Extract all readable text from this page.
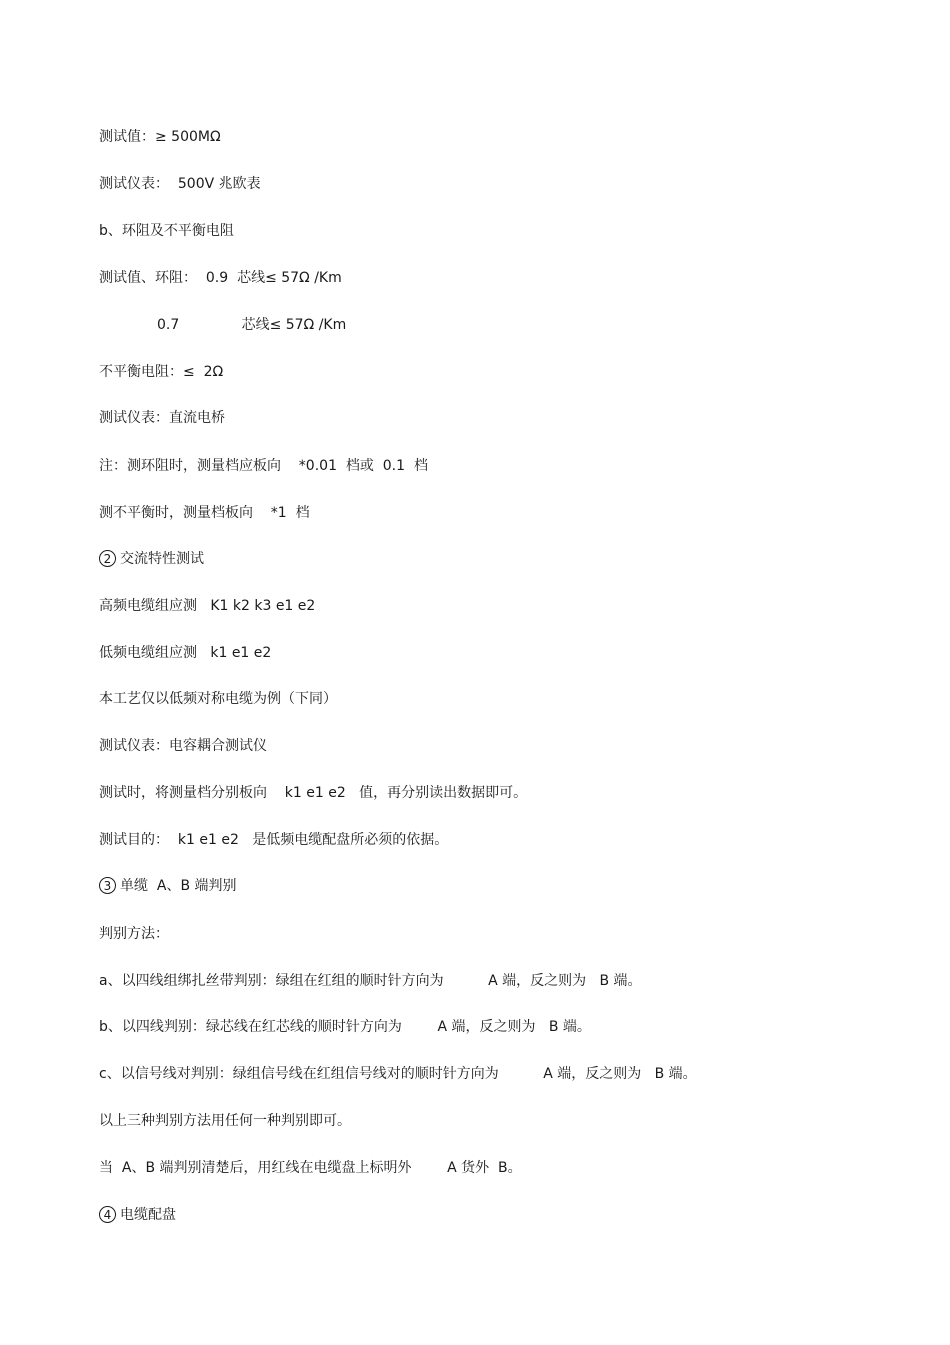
测试值：≥ 500MΩ
测试仪表：  500V 兆欧表
b、环阻及不平衡电阻
测试值、环阻：  0.9  芯线≤ 57Ω /Km
0.7              芯线≤ 57Ω /Km
不平衡电阻：≤  2Ω
测试仪表：直流电桥
注：测环阻时，测量档应板向    *0.01  档或  0.1  档
测不平衡时，测量档板向    *1  档
2 交流特性测试
高频电缆组应测   K1 k2 k3 e1 e2
低频电缆组应测   k1 e1 e2
本工艺仅以低频对称电缆为例（下同）
测试仪表：电容耦合测试仪
测试时，将测量档分别板向    k1 e1 e2   值，再分别读出数据即可。
测试目的：  k1 e1 e2   是低频电缆配盘所必须的依据。
3 单缆  A、B 端判别
判别方法：
a、以四线组绑扎丝带判别：绿组在红组的顺时针方向为          A 端，反之则为   B 端。
b、以四线判别：绿芯线在红芯线的顺时针方向为        A 端，反之则为   B 端。
c、以信号线对判别：绿组信号线在红组信号线对的顺时针方向为          A 端，反之则为   B 端。
以上三种判别方法用任何一种判别即可。
当  A、B 端判别清楚后，用红线在电缆盘上标明外        A 货外  B。
4 电缆配盘
